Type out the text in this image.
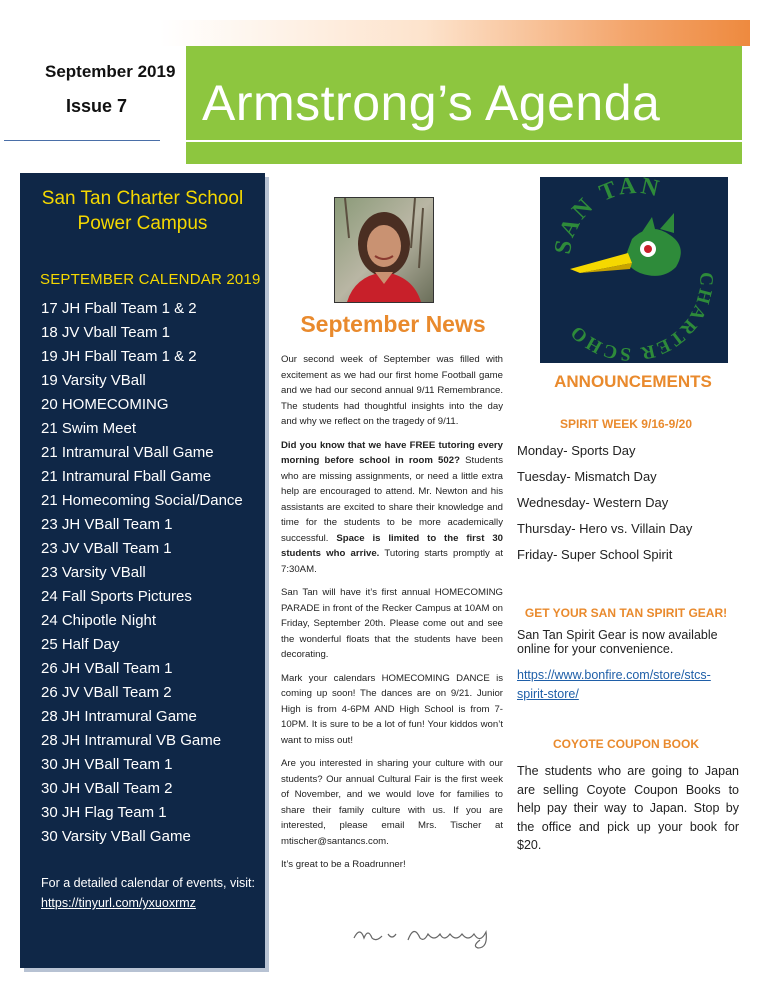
Armstrong’s Agenda
September 2019
Issue 7
San Tan Charter School
Power Campus
SEPTEMBER CALENDAR 2019
17 JH Fball Team 1 & 2
18 JV Vball Team 1
19 JH Fball Team 1 & 2
19 Varsity VBall
20 HOMECOMING
21 Swim Meet
21 Intramural VBall Game
21 Intramural Fball Game
21 Homecoming Social/Dance
23 JH VBall Team 1
23 JV VBall Team 1
23 Varsity VBall
24 Fall Sports Pictures
24 Chipotle Night
25 Half Day
26 JH VBall Team 1
26 JV VBall Team 2
28 JH Intramural Game
28 JH Intramural VB Game
30 JH VBall Team 1
30 JH VBall Team 2
30 JH Flag Team 1
30 Varsity VBall Game
For a detailed calendar of events, visit:
https://tinyurl.com/yxuoxrmz
September News

Our second week of September was filled with excitement as we had our first home Football game and we had our second annual 9/11 Remembrance. The students had thoughtful insights into the day and why we reflect on the tragedy of 9/11.

Did you know that we have FREE tutoring every morning before school in room 502? Students who are missing assignments, or need a little extra help are encouraged to attend. Mr. Newton and his assistants are excited to share their knowledge and time for the students to be more academically successful. Space is limited to the first 30 students who arrive. Tutoring starts promptly at 7:30AM.

San Tan will have it’s first annual HOMECOMING PARADE in front of the Recker Campus at 10AM on Friday, September 20th. Please come out and see the wonderful floats that the students have been decorating.

Mark your calendars HOMECOMING DANCE is coming up soon! The dances are on 9/21. Junior High is from 4-6PM AND High School is from 7-10PM. It is sure to be a lot of fun! Your kiddos won’t want to miss out!

Are you interested in sharing your culture with our students? Our annual Cultural Fair is the first week of November, and we would love for families to share their family culture with us. If you are interested, please email Mrs. Tischer at mtischer@santancs.com.

It’s great to be a Roadrunner!

SAN TAN
CHARTER SCHO
ANNOUNCEMENTS
SPIRIT WEEK 9/16-9/20
Monday- Sports Day
Tuesday- Mismatch Day
Wednesday- Western Day
Thursday- Hero vs. Villain Day
Friday- Super School Spirit
GET YOUR SAN TAN SPIRIT GEAR!
San Tan Spirit Gear is now available online for your convenience.
https://www.bonfire.com/store/stcs-spirit-store/
COYOTE COUPON BOOK
The students who are going to Japan are selling Coyote Coupon Books to help pay their way to Japan. Stop by the office and pick up your book for $20.
